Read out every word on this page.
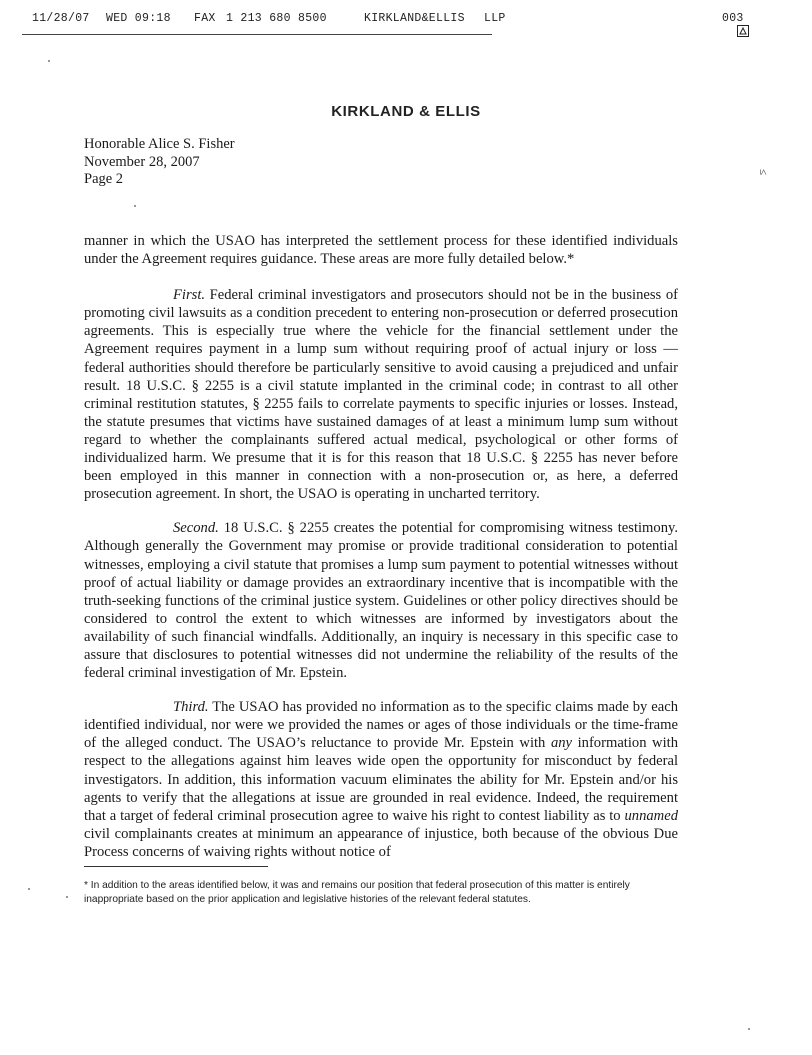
11/28/07 WED 09:18 FAX 1 213 680 8500	KIRKLAND&ELLIS LLP

	003
KIRKLAND & ELLIS
Honorable Alice S. Fisher
November 28, 2007
Page 2	≤

manner in which the USAO has interpreted the settlement process for these identified individuals under the Agreement requires guidance. These areas are more fully detailed below.*

First. Federal criminal investigators and prosecutors should not be in the business of promoting civil lawsuits as a condition precedent to entering non-prosecution or deferred prosecution agreements. This is especially true where the vehicle for the financial settlement under the Agreement requires payment in a lump sum without requiring proof of actual injury or loss — federal authorities should therefore be particularly sensitive to avoid causing a prejudiced and unfair result. 18 U.S.C. § 2255 is a civil statute implanted in the criminal code; in contrast to all other criminal restitution statutes, § 2255 fails to correlate payments to specific injuries or losses. Instead, the statute presumes that victims have sustained damages of at least a minimum lump sum without regard to whether the complainants suffered actual medical, psychological or other forms of individualized harm. We presume that it is for this reason that 18 U.S.C. § 2255 has never before been employed in this manner in connection with a non-prosecution or, as here, a deferred prosecution agreement. In short, the USAO is operating in uncharted territory.

Second. 18 U.S.C. § 2255 creates the potential for compromising witness testimony. Although generally the Government may promise or provide traditional consideration to potential witnesses, employing a civil statute that promises a lump sum payment to potential witnesses without proof of actual liability or damage provides an extraordinary incentive that is incompatible with the truth-seeking functions of the criminal justice system. Guidelines or other policy directives should be considered to control the extent to which witnesses are informed by investigators about the availability of such financial windfalls. Additionally, an inquiry is necessary in this specific case to assure that disclosures to potential witnesses did not undermine the reliability of the results of the federal criminal investigation of Mr. Epstein.

Third. The USAO has provided no information as to the specific claims made by each identified individual, nor were we provided the names or ages of those individuals or the time-frame of the alleged conduct. The USAO’s reluctance to provide Mr. Epstein with any information with respect to the allegations against him leaves wide open the opportunity for misconduct by federal investigators. In addition, this information vacuum eliminates the ability for Mr. Epstein and/or his agents to verify that the allegations at issue are grounded in real evidence. Indeed, the requirement that a target of federal criminal prosecution agree to waive his right to contest liability as to unnamed civil complainants creates at minimum an appearance of injustice, both because of the obvious Due Process concerns of waiving rights without notice of

* In addition to the areas identified below, it was and remains our position that federal prosecution of this matter is entirely inappropriate based on the prior application and legislative histories of the relevant federal statutes.
